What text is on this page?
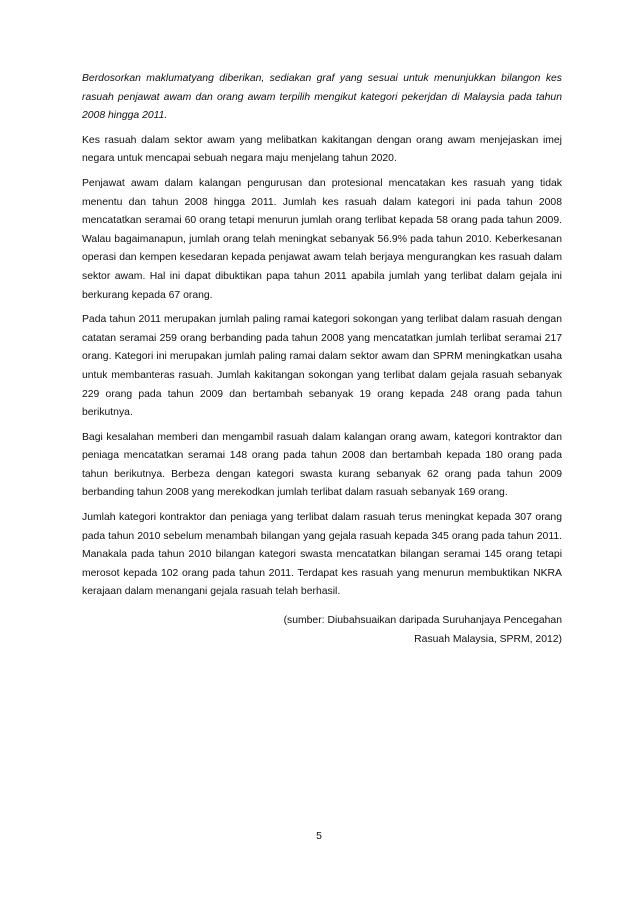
Berdosorkan maklumatyang diberikan, sediakan graf yang sesuai untuk menunjukkan bilangon kes rasuah penjawat awam dan orang awam terpilih mengikut kategori pekerjdan di Malaysia pada tahun 2008 hingga 2011.

Kes rasuah dalam sektor awam yang melibatkan kakitangan dengan orang awam menjejaskan imej negara untuk mencapai sebuah negara maju menjelang tahun 2020.

Penjawat awam dalam kalangan pengurusan dan protesional mencatakan kes rasuah yang tidak menentu dan tahun 2008 hingga 2011. Jumlah kes rasuah dalam kategori ini pada tahun 2008 mencatatkan seramai 60 orang tetapi menurun jumlah orang terlibat kepada 58 orang pada tahun 2009. Walau bagaimanapun, jumlah orang telah meningkat sebanyak 56.9% pada tahun 2010. Keberkesanan operasi dan kempen kesedaran kepada penjawat awam telah berjaya mengurangkan kes rasuah dalam sektor awam. Hal ini dapat dibuktikan papa tahun 2011 apabila jumlah yang terlibat dalam gejala ini berkurang kepada 67 orang.

Pada tahun 2011 merupakan jumlah paling ramai kategori sokongan yang terlibat dalam rasuah dengan catatan seramai 259 orang berbanding pada tahun 2008 yang mencatatkan jumlah terlibat seramai 217 orang. Kategori ini merupakan jumlah paling ramai dalam sektor awam dan SPRM meningkatkan usaha untuk membanteras rasuah. Jumlah kakitangan sokongan yang terlibat dalam gejala rasuah sebanyak 229 orang pada tahun 2009 dan bertambah sebanyak 19 orang kepada 248 orang pada tahun berikutnya.

Bagi kesalahan memberi dan mengambil rasuah dalam kalangan orang awam, kategori kontraktor dan peniaga mencatatkan seramai 148 orang pada tahun 2008 dan bertambah kepada 180 orang pada tahun berikutnya. Berbeza dengan kategori swasta kurang sebanyak 62 orang pada tahun 2009 berbanding tahun 2008 yang merekodkan jumlah terlibat dalam rasuah sebanyak 169 orang.

Jumlah kategori kontraktor dan peniaga yang terlibat dalam rasuah terus meningkat kepada 307 orang pada tahun 2010 sebelum menambah bilangan yang gejala rasuah kepada 345 orang pada tahun 2011. Manakala pada tahun 2010 bilangan kategori swasta mencatatkan bilangan seramai 145 orang tetapi merosot kepada 102 orang pada tahun 2011. Terdapat kes rasuah yang menurun membuktikan NKRA kerajaan dalam menangani gejala rasuah telah berhasil.

(sumber: Diubahsuaikan daripada Suruhanjaya Pencegahan
Rasuah Malaysia, SPRM, 2012)

5
